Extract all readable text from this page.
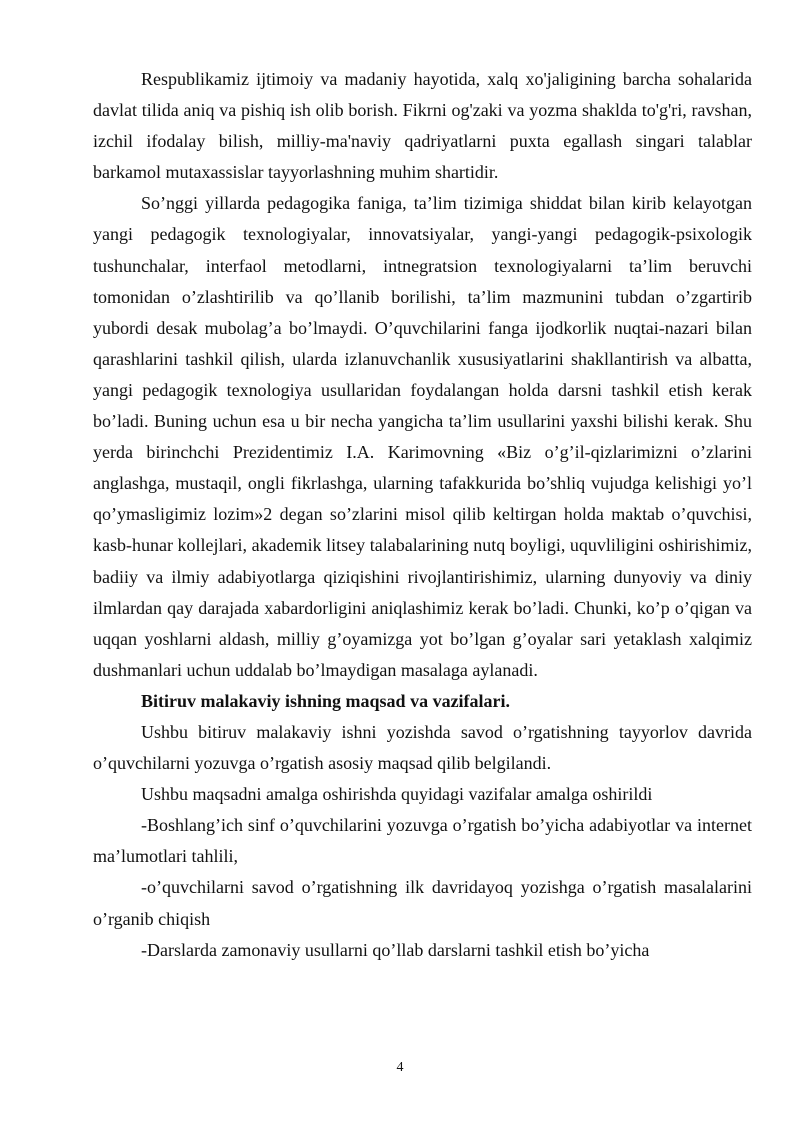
Respublikamiz ijtimoiy va madaniy hayotida, xalq xo'jaligining barcha sohalarida davlat tilida aniq va pishiq ish olib borish. Fikrni og'zaki va yozma shaklda to'g'ri, ravshan, izchil ifodalay bilish, milliy-ma'naviy qadriyatlarni puxta egallash singari talablar barkamol mutaxassislar tayyorlashning muhim shartidir.

So’nggi yillarda pedagogika faniga, ta’lim tizimiga shiddat bilan kirib kelayotgan yangi pedagogik texnologiyalar, innovatsiyalar, yangi-yangi pedagogik-psixologik tushunchalar, interfaol metodlarni, intnegratsion texnologiyalarni ta’lim beruvchi tomonidan o’zlashtirilib va qo’llanib borilishi, ta’lim mazmunini tubdan o’zgartirib yubordi desak mubolag’a bo’lmaydi. O’quvchilarini fanga ijodkorlik nuqtai-nazari bilan qarashlarini tashkil qilish, ularda izlanuvchanlik xususiyatlarini shakllantirish va albatta, yangi pedagogik texnologiya usullaridan foydalangan holda darsni tashkil etish kerak bo’ladi. Buning uchun esa u bir necha yangicha ta’lim usullarini yaxshi bilishi kerak. Shu yerda birinchchi Prezidentimiz I.A. Karimovning «Biz o’g’il-qizlarimizni o’zlarini anglashga, mustaqil, ongli fikrlashga, ularning tafakkurida bo’shliq vujudga kelishigi yo’l qo’ymasligimiz lozim»2 degan so’zlarini misol qilib keltirgan holda maktab o’quvchisi, kasb-hunar kollejlari, akademik litsey talabalarining nutq boyligi, uquvliligini oshirishimiz, badiiy va ilmiy adabiyotlarga qiziqishini rivojlantirishimiz, ularning dunyoviy va diniy ilmlardan qay darajada xabardorligini aniqlashimiz kerak bo’ladi. Chunki, ko’p o’qigan va uqqan yoshlarni aldash, milliy g’oyamizga yot bo’lgan g’oyalar sari yetaklash xalqimiz dushmanlari uchun uddalab bo’lmaydigan masalaga aylanadi.

Bitiruv malakaviy ishning maqsad va vazifalari.

Ushbu bitiruv malakaviy ishni yozishda savod o’rgatishning tayyorlov davrida o’quvchilarni yozuvga o’rgatish asosiy maqsad qilib belgilandi.

Ushbu maqsadni amalga oshirishda quyidagi vazifalar amalga oshirildi

-Boshlang’ich sinf o’quvchilarini yozuvga o’rgatish bo’yicha adabiyotlar va internet ma’lumotlari tahlili,

-o’quvchilarni savod o’rgatishning ilk davridayoq yozishga o’rgatish masalalarini o’rganib chiqish

-Darslarda zamonaviy usullarni qo’llab darslarni tashkil etish bo’yicha

4
